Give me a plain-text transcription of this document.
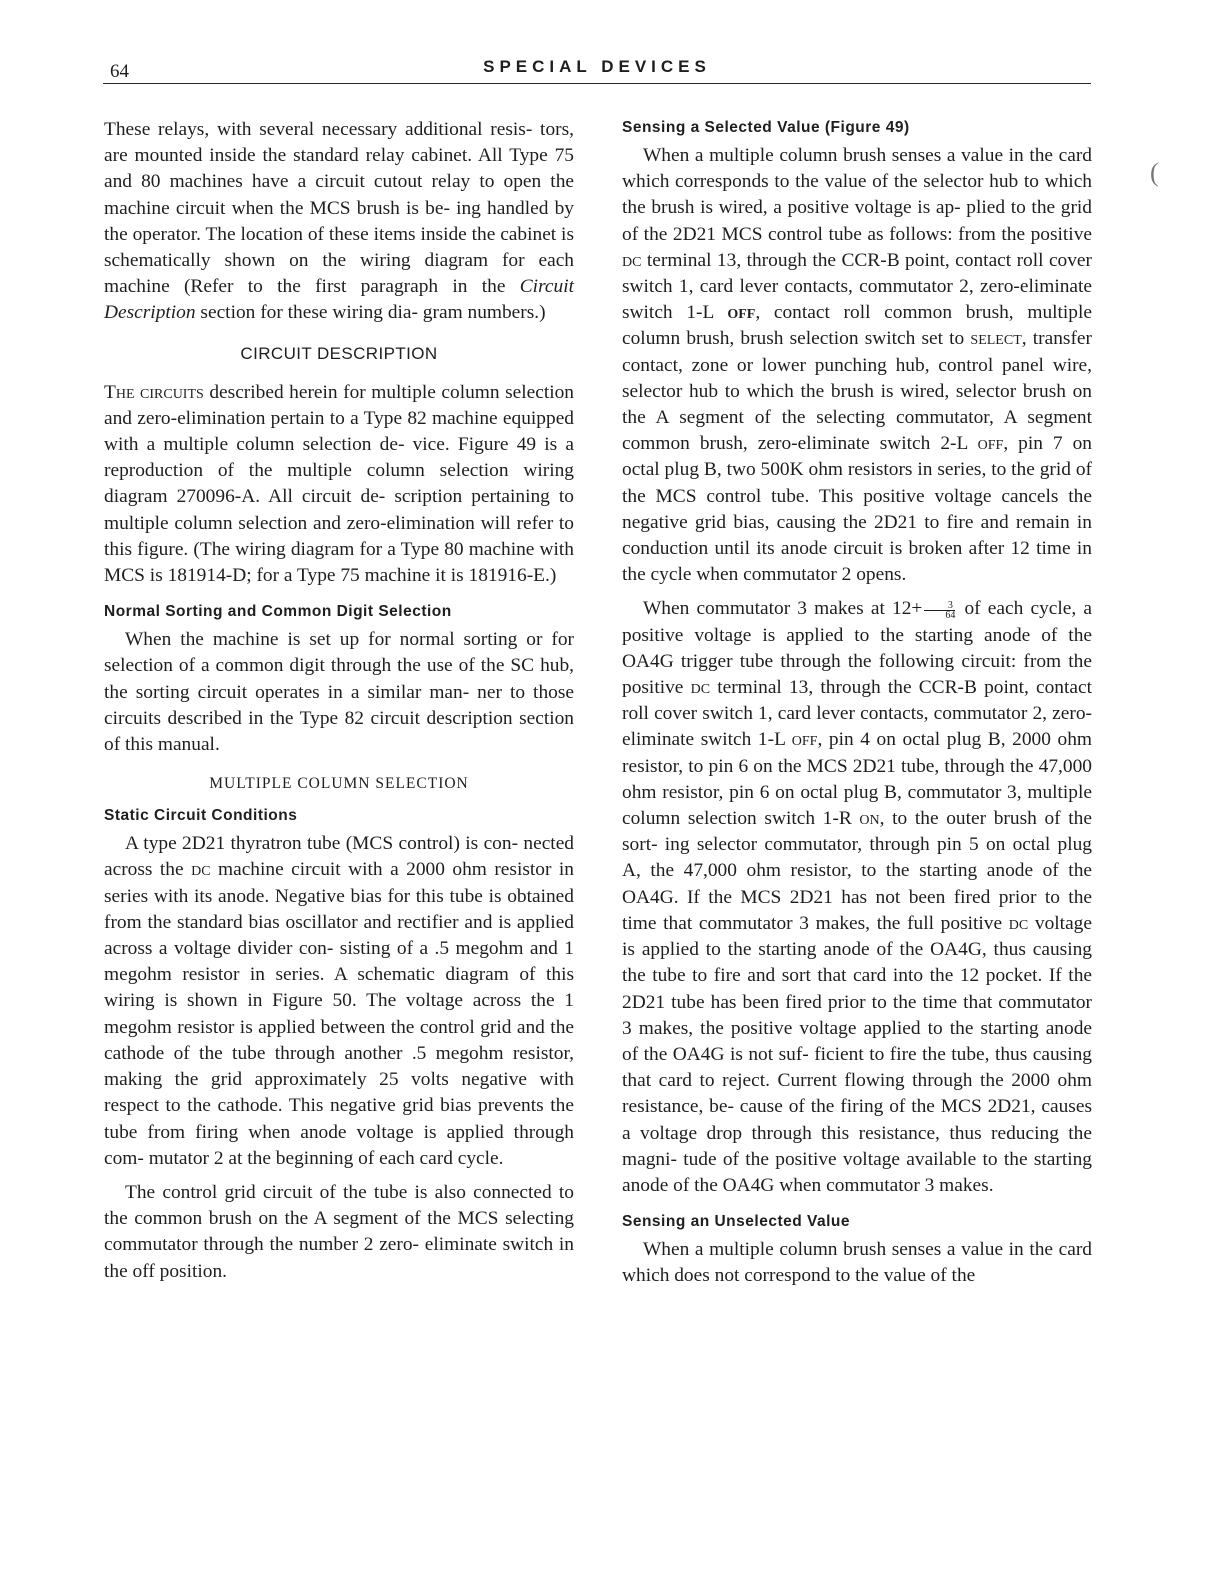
64	SPECIAL DEVICES
(

These relays, with several necessary additional resis- tors, are mounted inside the standard relay cabinet. All Type 75 and 80 machines have a circuit cutout relay to open the machine circuit when the MCS brush is be- ing handled by the operator. The location of these items inside the cabinet is schematically shown on the wiring diagram for each machine (Refer to the first paragraph in the Circuit Description section for these wiring dia- gram numbers.)

CIRCUIT DESCRIPTION

The circuits described herein for multiple column selection and zero-elimination pertain to a Type 82 machine equipped with a multiple column selection de- vice. Figure 49 is a reproduction of the multiple column selection wiring diagram 270096-A. All circuit de- scription pertaining to multiple column selection and zero-elimination will refer to this figure. (The wiring diagram for a Type 80 machine with MCS is 181914-D; for a Type 75 machine it is 181916-E.)

Normal Sorting and Common Digit Selection

When the machine is set up for normal sorting or for selection of a common digit through the use of the SC hub, the sorting circuit operates in a similar man- ner to those circuits described in the Type 82 circuit description section of this manual.

MULTIPLE COLUMN SELECTION
Static Circuit Conditions

A type 2D21 thyratron tube (MCS control) is con- nected across the dc machine circuit with a 2000 ohm resistor in series with its anode. Negative bias for this tube is obtained from the standard bias oscillator and rectifier and is applied across a voltage divider con- sisting of a .5 megohm and 1 megohm resistor in series. A schematic diagram of this wiring is shown in Figure 50. The voltage across the 1 megohm resistor is applied between the control grid and the cathode of the tube through another .5 megohm resistor, making the grid approximately 25 volts negative with respect to the cathode. This negative grid bias prevents the tube from firing when anode voltage is applied through com- mutator 2 at the beginning of each card cycle.

The control grid circuit of the tube is also connected to the common brush on the A segment of the MCS selecting commutator through the number 2 zero- eliminate switch in the off position.

Sensing a Selected Value (Figure 49)

When a multiple column brush senses a value in the card which corresponds to the value of the selector hub to which the brush is wired, a positive voltage is ap- plied to the grid of the 2D21 MCS control tube as follows: from the positive dc terminal 13, through the CCR-B point, contact roll cover switch 1, card lever contacts, commutator 2, zero-eliminate switch 1-L off, contact roll common brush, multiple column brush, brush selection switch set to select, transfer contact, zone or lower punching hub, control panel wire, selector hub to which the brush is wired, selector brush on the A segment of the selecting commutator, A segment common brush, zero-eliminate switch 2-L off, pin 7 on octal plug B, two 500K ohm resistors in series, to the grid of the MCS control tube. This positive voltage cancels the negative grid bias, causing the 2D21 to fire and remain in conduction until its anode circuit is broken after 12 time in the cycle when commutator 2 opens.

When commutator 3 makes at $12+ \frac{3}{64}$ of each cycle, a positive voltage is applied to the starting anode of the OA4G trigger tube through the following circuit: from the positive dc terminal 13, through the CCR-B point, contact roll cover switch 1, card lever contacts, commutator 2, zero-eliminate switch 1-L off, pin 4 on octal plug B, 2000 ohm resistor, to pin 6 on the MCS 2D21 tube, through the 47,000 ohm resistor, pin 6 on octal plug B, commutator 3, multiple column selection switch 1-R on, to the outer brush of the sort- ing selector commutator, through pin 5 on octal plug A, the 47,000 ohm resistor, to the starting anode of the OA4G. If the MCS 2D21 has not been fired prior to the time that commutator 3 makes, the full positive dc voltage is applied to the starting anode of the OA4G, thus causing the tube to fire and sort that card into the 12 pocket. If the 2D21 tube has been fired prior to the time that commutator 3 makes, the positive voltage applied to the starting anode of the OA4G is not suf- ficient to fire the tube, thus causing that card to reject. Current flowing through the 2000 ohm resistance, be- cause of the firing of the MCS 2D21, causes a voltage drop through this resistance, thus reducing the magni- tude of the positive voltage available to the starting anode of the OA4G when commutator 3 makes.

Sensing an Unselected Value

When a multiple column brush senses a value in the card which does not correspond to the value of the
